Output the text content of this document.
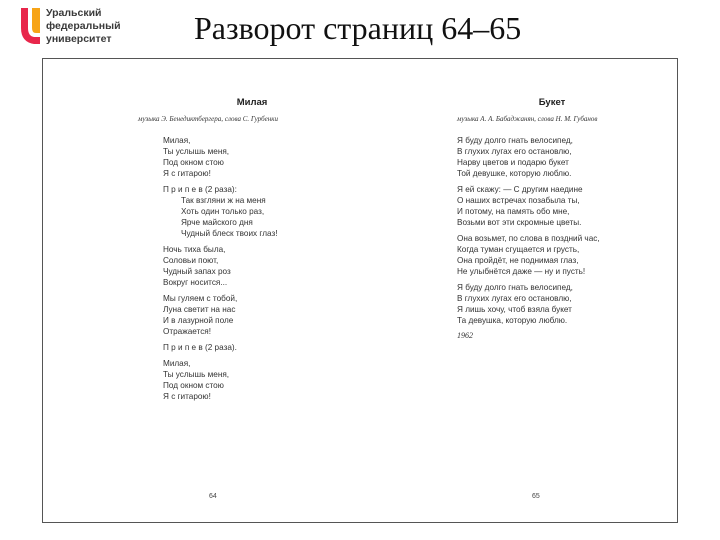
Уральский
федеральный
университет	Разворот страниц 64–65
Милая
музыка Э. Бенедиктбергера, слова С. Гурбенки
Милая,
Ты услышь меня,
Под окном стою
Я с гитарою!
П р и п е в (2 раза):
Так взгляни ж на меня
Хоть один только раз,
Ярче майского дня
Чудный блеск твоих глаз!
Ночь тиха была,
Соловьи поют,
Чудный запах роз
Вокруг носится...
Мы гуляем с тобой,
Луна светит на нас
И в лазурной поле
Отражается!
П р и п е в (2 раза).
Милая,
Ты услышь меня,
Под окном стою
Я с гитарою!
64
Букет
музыка А. А. Бабаджанян, слова Н. М. Губанов
Я буду долго гнать велосипед,
В глухих лугах его остановлю,
Нарву цветов и подарю букет
Той девушке, которую люблю.
Я ей скажу: — С другим наедине
О наших встречах позабыла ты,
И потому, на память обо мне,
Возьми вот эти скромные цветы.
Она возьмет, по слова в поздний час,
Когда туман сгущается и грусть,
Она пройдёт, не поднимая глаз,
Не улыбнётся даже — ну и пусть!
Я буду долго гнать велосипед,
В глухих лугах его остановлю,
Я лишь хочу, чтоб взяла букет
Та девушка, которую люблю.
1962
65
